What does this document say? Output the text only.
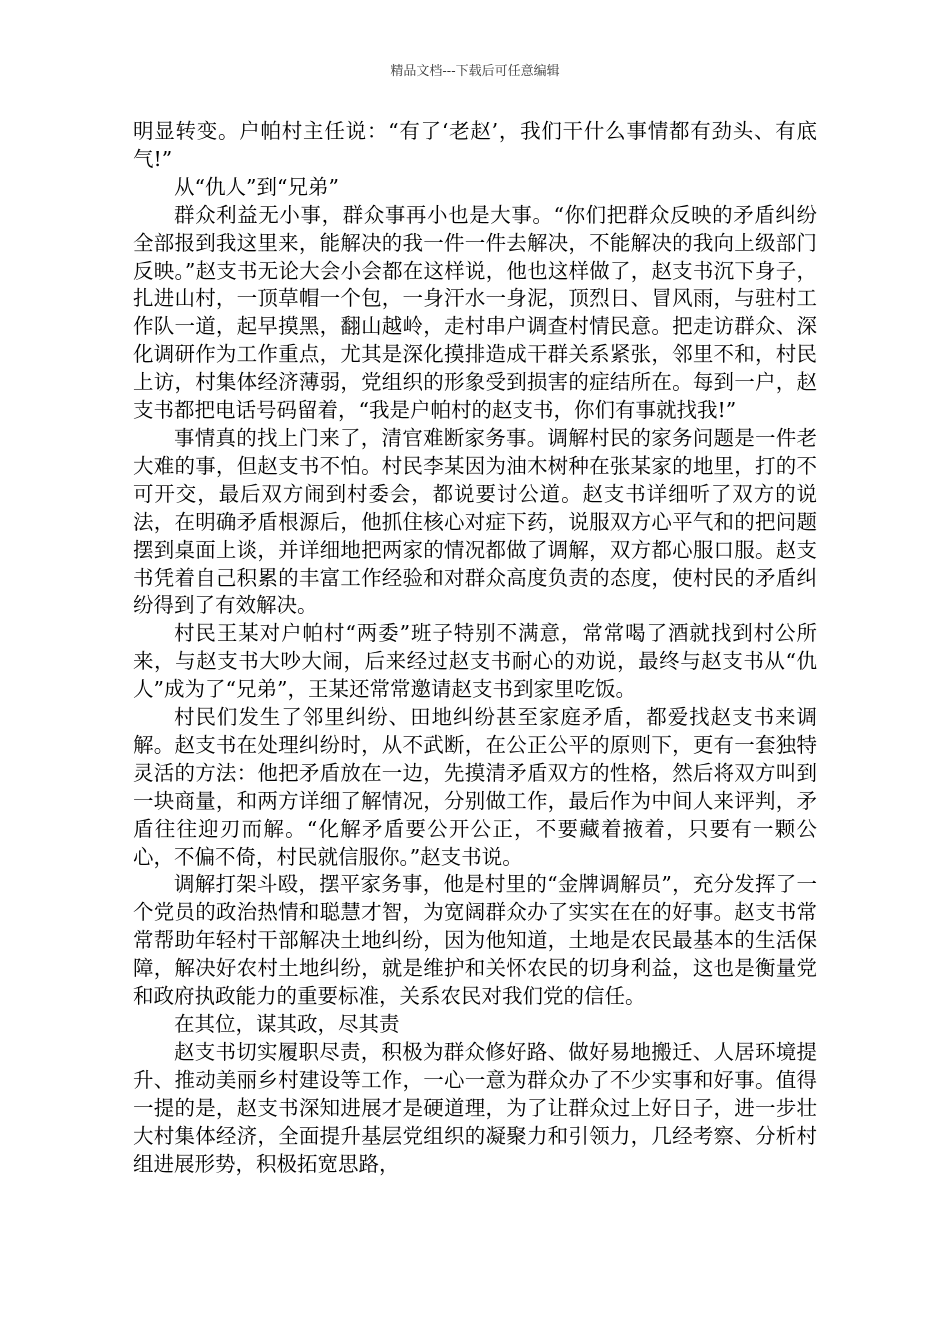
精品文档---下载后可任意编辑

明显转变。户帕村主任说：“有了‘老赵’，我们干什么事情都有劲头、有底气!”

从“仇人”到“兄弟”

群众利益无小事，群众事再小也是大事。“你们把群众反映的矛盾纠纷全部报到我这里来，能解决的我一件一件去解决，不能解决的我向上级部门反映。”赵支书无论大会小会都在这样说，他也这样做了，赵支书沉下身子，扎进山村，一顶草帽一个包，一身汗水一身泥，顶烈日、冒风雨，与驻村工作队一道，起早摸黑，翻山越岭，走村串户调查村情民意。把走访群众、深化调研作为工作重点，尤其是深化摸排造成干群关系紧张，邻里不和，村民上访，村集体经济薄弱，党组织的形象受到损害的症结所在。每到一户，赵支书都把电话号码留着，“我是户帕村的赵支书，你们有事就找我!”

事情真的找上门来了，清官难断家务事。调解村民的家务问题是一件老大难的事，但赵支书不怕。村民李某因为油木树种在张某家的地里，打的不可开交，最后双方闹到村委会，都说要讨公道。赵支书详细听了双方的说法，在明确矛盾根源后，他抓住核心对症下药，说服双方心平气和的把问题摆到桌面上谈，并详细地把两家的情况都做了调解，双方都心服口服。赵支书凭着自己积累的丰富工作经验和对群众高度负责的态度，使村民的矛盾纠纷得到了有效解决。

村民王某对户帕村“两委”班子特别不满意，常常喝了酒就找到村公所来，与赵支书大吵大闹，后来经过赵支书耐心的劝说，最终与赵支书从“仇人”成为了“兄弟”，王某还常常邀请赵支书到家里吃饭。

村民们发生了邻里纠纷、田地纠纷甚至家庭矛盾，都爱找赵支书来调解。赵支书在处理纠纷时，从不武断，在公正公平的原则下，更有一套独特灵活的方法：他把矛盾放在一边，先摸清矛盾双方的性格，然后将双方叫到一块商量，和两方详细了解情况，分别做工作，最后作为中间人来评判，矛盾往往迎刃而解。“化解矛盾要公开公正，不要藏着掖着，只要有一颗公心，不偏不倚，村民就信服你。”赵支书说。

调解打架斗殴，摆平家务事，他是村里的“金牌调解员”，充分发挥了一个党员的政治热情和聪慧才智，为宽阔群众办了实实在在的好事。赵支书常常帮助年轻村干部解决土地纠纷，因为他知道，土地是农民最基本的生活保障，解决好农村土地纠纷，就是维护和关怀农民的切身利益，这也是衡量党和政府执政能力的重要标准，关系农民对我们党的信任。

在其位，谋其政，尽其责

赵支书切实履职尽责，积极为群众修好路、做好易地搬迁、人居环境提升、推动美丽乡村建设等工作，一心一意为群众办了不少实事和好事。值得一提的是，赵支书深知进展才是硬道理，为了让群众过上好日子，进一步壮大村集体经济，全面提升基层党组织的凝聚力和引领力，几经考察、分析村组进展形势，积极拓宽思路，
